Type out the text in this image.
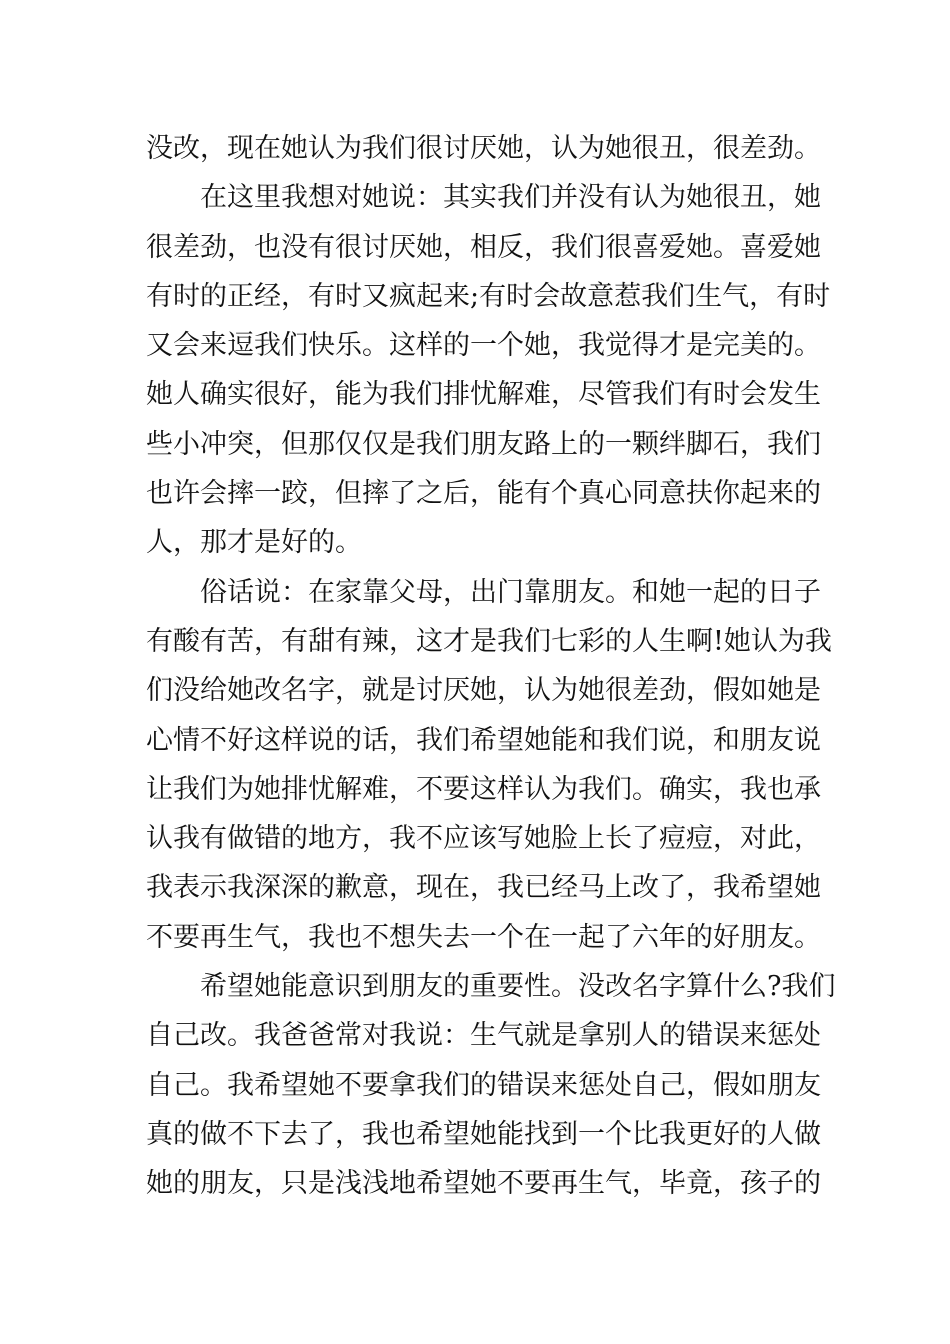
没改，现在她认为我们很讨厌她，认为她很丑，很差劲。
在这里我想对她说：其实我们并没有认为她很丑，她
很差劲，也没有很讨厌她，相反，我们很喜爱她。喜爱她
有时的正经，有时又疯起来;有时会故意惹我们生气，有时
又会来逗我们快乐。这样的一个她，我觉得才是完美的。
她人确实很好，能为我们排忧解难，尽管我们有时会发生
些小冲突，但那仅仅是我们朋友路上的一颗绊脚石，我们
也许会摔一跤，但摔了之后，能有个真心同意扶你起来的
人，那才是好的。
俗话说：在家靠父母，出门靠朋友。和她一起的日子
有酸有苦，有甜有辣，这才是我们七彩的人生啊!她认为我
们没给她改名字，就是讨厌她，认为她很差劲，假如她是
心情不好这样说的话，我们希望她能和我们说，和朋友说
让我们为她排忧解难，不要这样认为我们。确实，我也承
认我有做错的地方，我不应该写她脸上长了痘痘，对此，
我表示我深深的歉意，现在，我已经马上改了，我希望她
不要再生气，我也不想失去一个在一起了六年的好朋友。
希望她能意识到朋友的重要性。没改名字算什么?我们
自己改。我爸爸常对我说：生气就是拿别人的错误来惩处
自己。我希望她不要拿我们的错误来惩处自己，假如朋友
真的做不下去了，我也希望她能找到一个比我更好的人做
她的朋友，只是浅浅地希望她不要再生气，毕竟，孩子的
